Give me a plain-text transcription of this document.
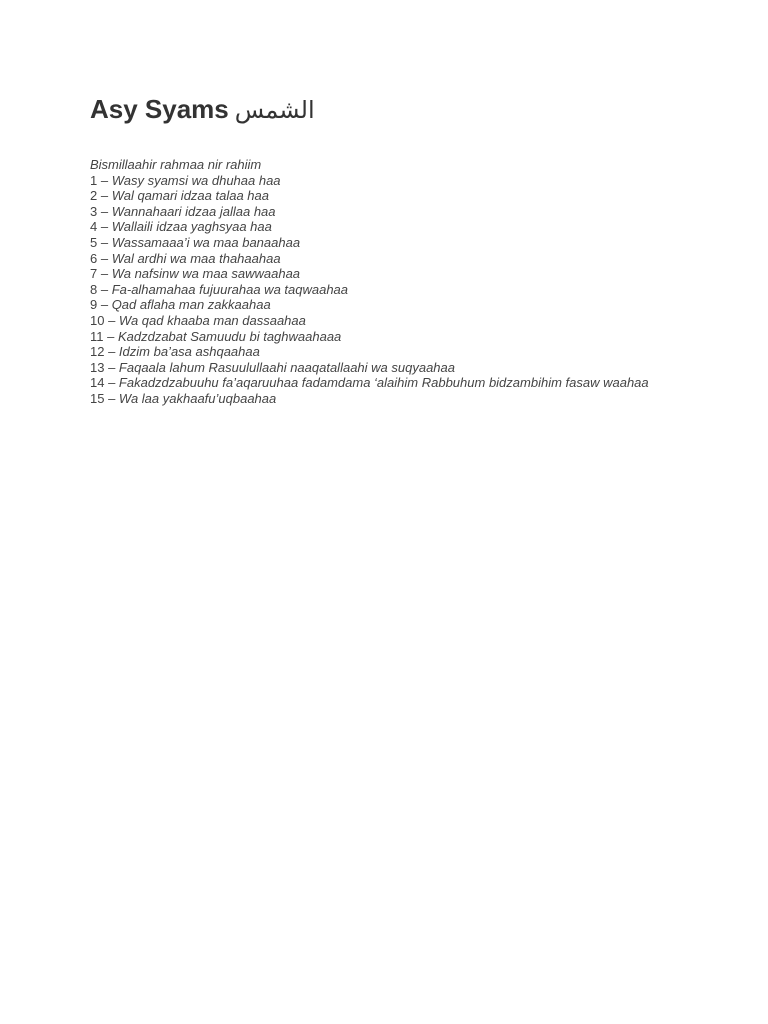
Asy Syams الشمس
Bismillaahir rahmaa nir rahiim
1 – Wasy syamsi wa dhuhaa haa
2 – Wal qamari idzaa talaa haa
3 – Wannahaari idzaa jallaa haa
4 – Wallaili idzaa yaghsyaa haa
5 – Wassamaaa’i wa maa banaahaa
6 – Wal ardhi wa maa thahaahaa
7 – Wa nafsinw wa maa sawwaahaa
8 – Fa-alhamahaa fujuurahaa wa taqwaahaa
9 – Qad aflaha man zakkaahaa
10 – Wa qad khaaba man dassaahaa
11 – Kadzdzabat Samuudu bi taghwaahaaa
12 – Idzim ba’asa ashqaahaa
13 – Faqaala lahum Rasuulullaahi naaqatallaahi wa suqyaahaa
14 – Fakadzdzabuuhu fa’aqaruuhaa fadamdama ‘alaihim Rabbuhum bidzambihim fasaw waahaa
15 – Wa laa yakhaafu’uqbaahaa
